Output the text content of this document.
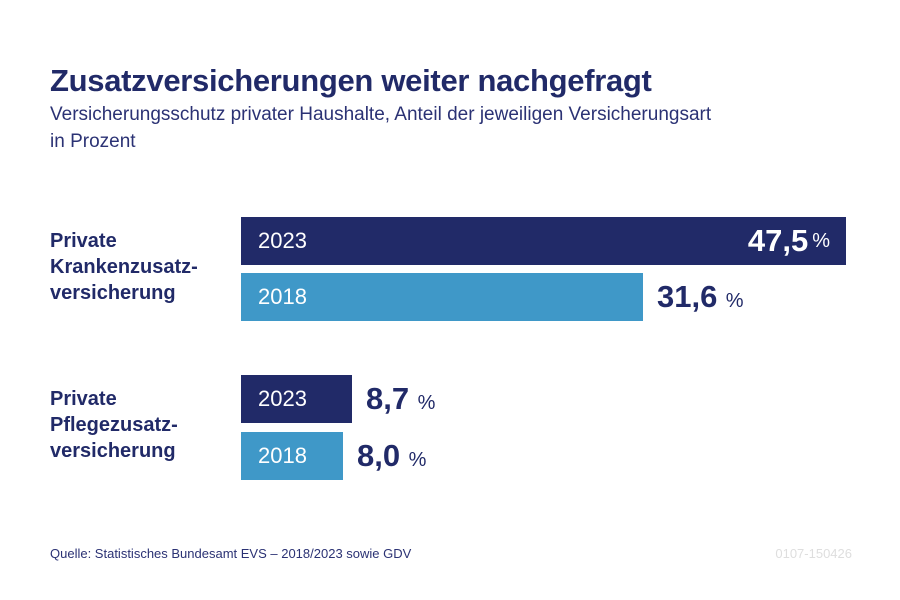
Zusatzversicherungen weiter nachgefragt
Versicherungsschutz privater Haushalte, Anteil der jeweiligen Versicherungsart
in Prozent
Private
Krankenzusatz-
versicherung
2023	47,5 %
2018	31,6 %
Private
Pflegezusatz-
versicherung
2023 8,7 %
2018 8,0 %
Quelle: Statistisches Bundesamt EVS – 2018/2023 sowie GDV	0107-150426
